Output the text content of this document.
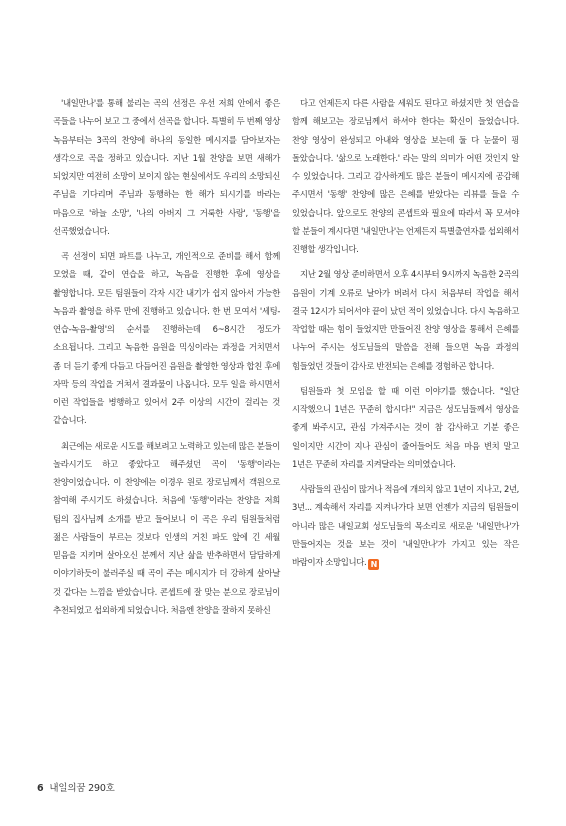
'내일만나'를 통해 불리는 곡의 선정은 우선 저희 안에서 좋은 곡들을 나누어 보고 그 중에서 선곡을 합니다. 특별히 두 번째 영상 녹음부터는 3곡의 찬양에 하나의 동일한 메시지를 담아보자는 생각으로 곡을 정하고 있습니다. 지난 1월 찬양을 보면 새해가 되었지만 여전히 소망이 보이지 않는 현실에서도 우리의 소망되신 주님을 기다리며 주님과 동행하는 한 해가 되시기를 바라는 마음으로 '하늘 소망', '나의 아버지 그 거룩한 사랑', '동행'을 선곡했었습니다.

곡 선정이 되면 파트를 나누고, 개인적으로 준비를 해서 함께 모였을 때, 같이 연습을 하고, 녹음을 진행한 후에 영상을 촬영합니다. 모든 팀원들이 각자 시간 내기가 쉽지 않아서 가능한 녹음과 촬영을 하루 만에 진행하고 있습니다. 한 번 모여서 '세팅-연습-녹음-촬영'의 순서를 진행하는데 6~8시간 정도가 소요됩니다. 그리고 녹음한 음원을 믹싱이라는 과정을 거치면서 좀 더 듣기 좋게 다듬고 다듬어진 음원을 촬영한 영상과 합친 후에 자막 등의 작업을 거쳐서 결과물이 나옵니다. 모두 일을 하시면서 이런 작업들을 병행하고 있어서 2주 이상의 시간이 걸리는 것 같습니다.

최근에는 새로운 시도를 해보려고 노력하고 있는데 많은 분들이 놀라시기도 하고 좋았다고 해주셨던 곡이 '동행'이라는 찬양이었습니다. 이 찬양에는 이경우 원로 장로님께서 객원으로 참여해 주시기도 하셨습니다. 처음에 '동행'이라는 찬양을 저희 팀의 집사님께 소개를 받고 들어보니 이 곡은 우리 팀원들처럼 젊은 사람들이 부르는 것보다 인생의 거친 파도 앞에 긴 세월 믿음을 지키며 살아오신 분께서 지난 삶을 반추하면서 담담하게 이야기하듯이 불러주실 때 곡이 주는 메시지가 더 강하게 살아날 것 같다는 느낌을 받았습니다. 콘셉트에 잘 맞는 분으로 장로님이 추천되었고 섭외하게 되었습니다. 처음엔 찬양을 잘하지 못하신

다고 언제든지 다른 사람을 세워도 된다고 하셨지만 첫 연습을 함께 해보고는 장로님께서 하셔야 한다는 확신이 들었습니다. 찬양 영상이 완성되고 아내와 영상을 보는데 둘 다 눈물이 핑 돌았습니다. '삶으로 노래한다.' 라는 말의 의미가 어떤 것인지 알 수 있었습니다. 그리고 감사하게도 많은 분들이 메시지에 공감해 주시면서 '동행' 찬양에 많은 은혜를 받았다는 리뷰를 들을 수 있었습니다. 앞으로도 찬양의 콘셉트와 필요에 따라서 꼭 모셔야 할 분들이 계시다면 '내일만나'는 언제든지 특별출연자를 섭외해서 진행할 생각입니다.

지난 2월 영상 준비하면서 오후 4시부터 9시까지 녹음한 2곡의 음원이 기계 오류로 날아가 버려서 다시 처음부터 작업을 해서 결국 12시가 되어서야 끝이 났던 적이 있었습니다. 다시 녹음하고 작업할 때는 힘이 들었지만 만들어진 찬양 영상을 통해서 은혜를 나누어 주시는 성도님들의 말씀을 전해 들으면 녹음 과정의 힘들었던 것들이 감사로 반전되는 은혜를 경험하곤 합니다.

팀원들과 첫 모임을 할 때 이런 이야기를 했습니다. "일단 시작했으니 1년은 꾸준히 합시다!" 지금은 성도님들께서 영상을 좋게 봐주시고, 관심 가져주시는 것이 참 감사하고 기분 좋은 일이지만 시간이 지나 관심이 줄어들어도 처음 마음 변치 말고 1년은 꾸준히 자리를 지켜달라는 의미였습니다.

사람들의 관심이 많거나 적음에 개의치 않고 1년이 지나고, 2년, 3년... 계속해서 자리를 지켜나가다 보면 언젠가 지금의 팀원들이 아니라 많은 내일교회 성도님들의 목소리로 새로운 '내일만나'가 만들어지는 것을 보는 것이 '내일만나'가 가지고 있는 작은 바람이자 소망입니다. N

6 내일의꿈 290호
